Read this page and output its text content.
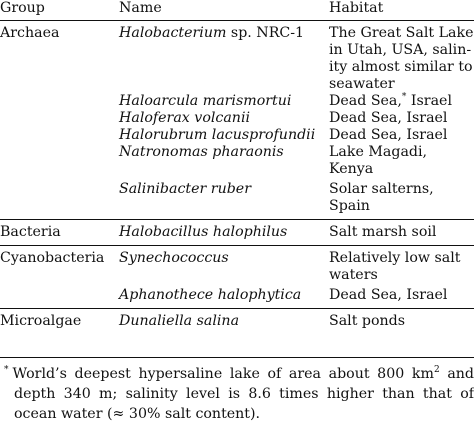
Group	Name	Habitat
Archaea	Halobacterium sp. NRC-1	The Great Salt Lake in Utah, USA, salin-ity almost similar to seawater
	Haloarcula marismortui	Dead Sea,* Israel
	Haloferax volcanii	Dead Sea, Israel
	Halorubrum lacusprofundii	Dead Sea, Israel
	Natronomas pharaonis	Lake Magadi, Kenya
	Salinibacter ruber	Solar salterns, Spain
Bacteria	Halobacillus halophilus	Salt marsh soil
Cyanobacteria	Synechococcus	Relatively low salt waters
	Aphanothece halophytica	Dead Sea, Israel
Microalgae	Dunaliella salina	Salt ponds
* World’s deepest hypersaline lake of area about 800 $km^2$ and depth 340 m; salinity level is 8.6 times higher than that of ocean water (≈ 30% salt content).
